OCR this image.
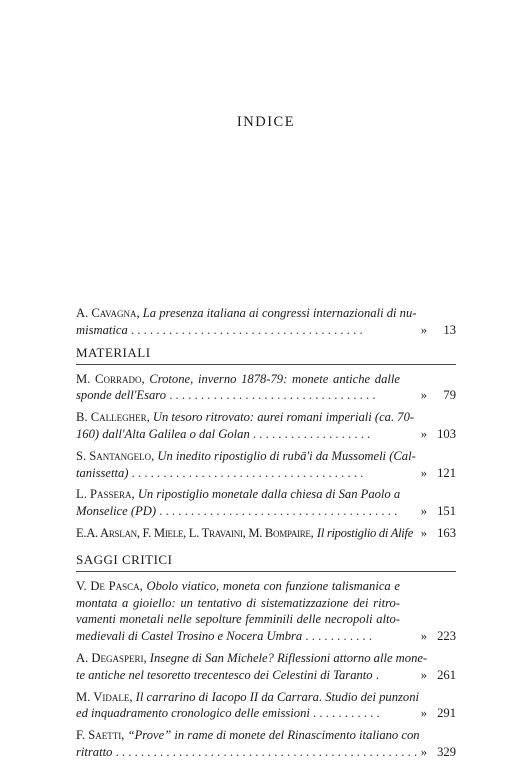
INDICE
A. Cavagna, La presenza italiana ai congressi internazionali di nu-
mismatica .....................................	»	13
MATERIALI
M. Corrado, Crotone, inverno 1878-79: monete antiche dalle
sponde dell'Esaro .................................	»	79
B. Callegher, Un tesoro ritrovato: aurei romani imperiali (ca. 70-
160) dall'Alta Galilea o dal Golan ...................	» 103
S. Santangelo, Un inedito ripostiglio di rubā'i da Mussomeli (Cal-
tanissetta) .....................................	» 121
L. Passera, Un ripostiglio monetale dalla chiesa di San Paolo a
Monselice (PD) ...................................... » 151
E.A. Arslan, F. Miele, L. Travaini, M. Bompaire, Il ripostiglio di Alife » 163
SAGGI CRITICI
V. De Pasca, Obolo viatico, moneta con funzione talismanica e
montata a gioiello: un tentativo di sistematizzazione dei ritro-
vamenti monetali nelle sepolture femminili delle necropoli alto-
medievali di Castel Trosino e Nocera Umbra ...........	» 223
A. Degasperi, Insegne di San Michele? Riflessioni attorno alle mone-
te antiche nel tesoretto trecentesco dei Celestini di Taranto .	» 261
M. Vidale, Il carrarino di Iacopo II da Carrara. Studio dei punzoni
ed inquadramento cronologico delle emissioni ...........	» 291
F. Saetti, “Prove” in rame di monete del Rinascimento italiano con
ritratto ................................................ » 329
